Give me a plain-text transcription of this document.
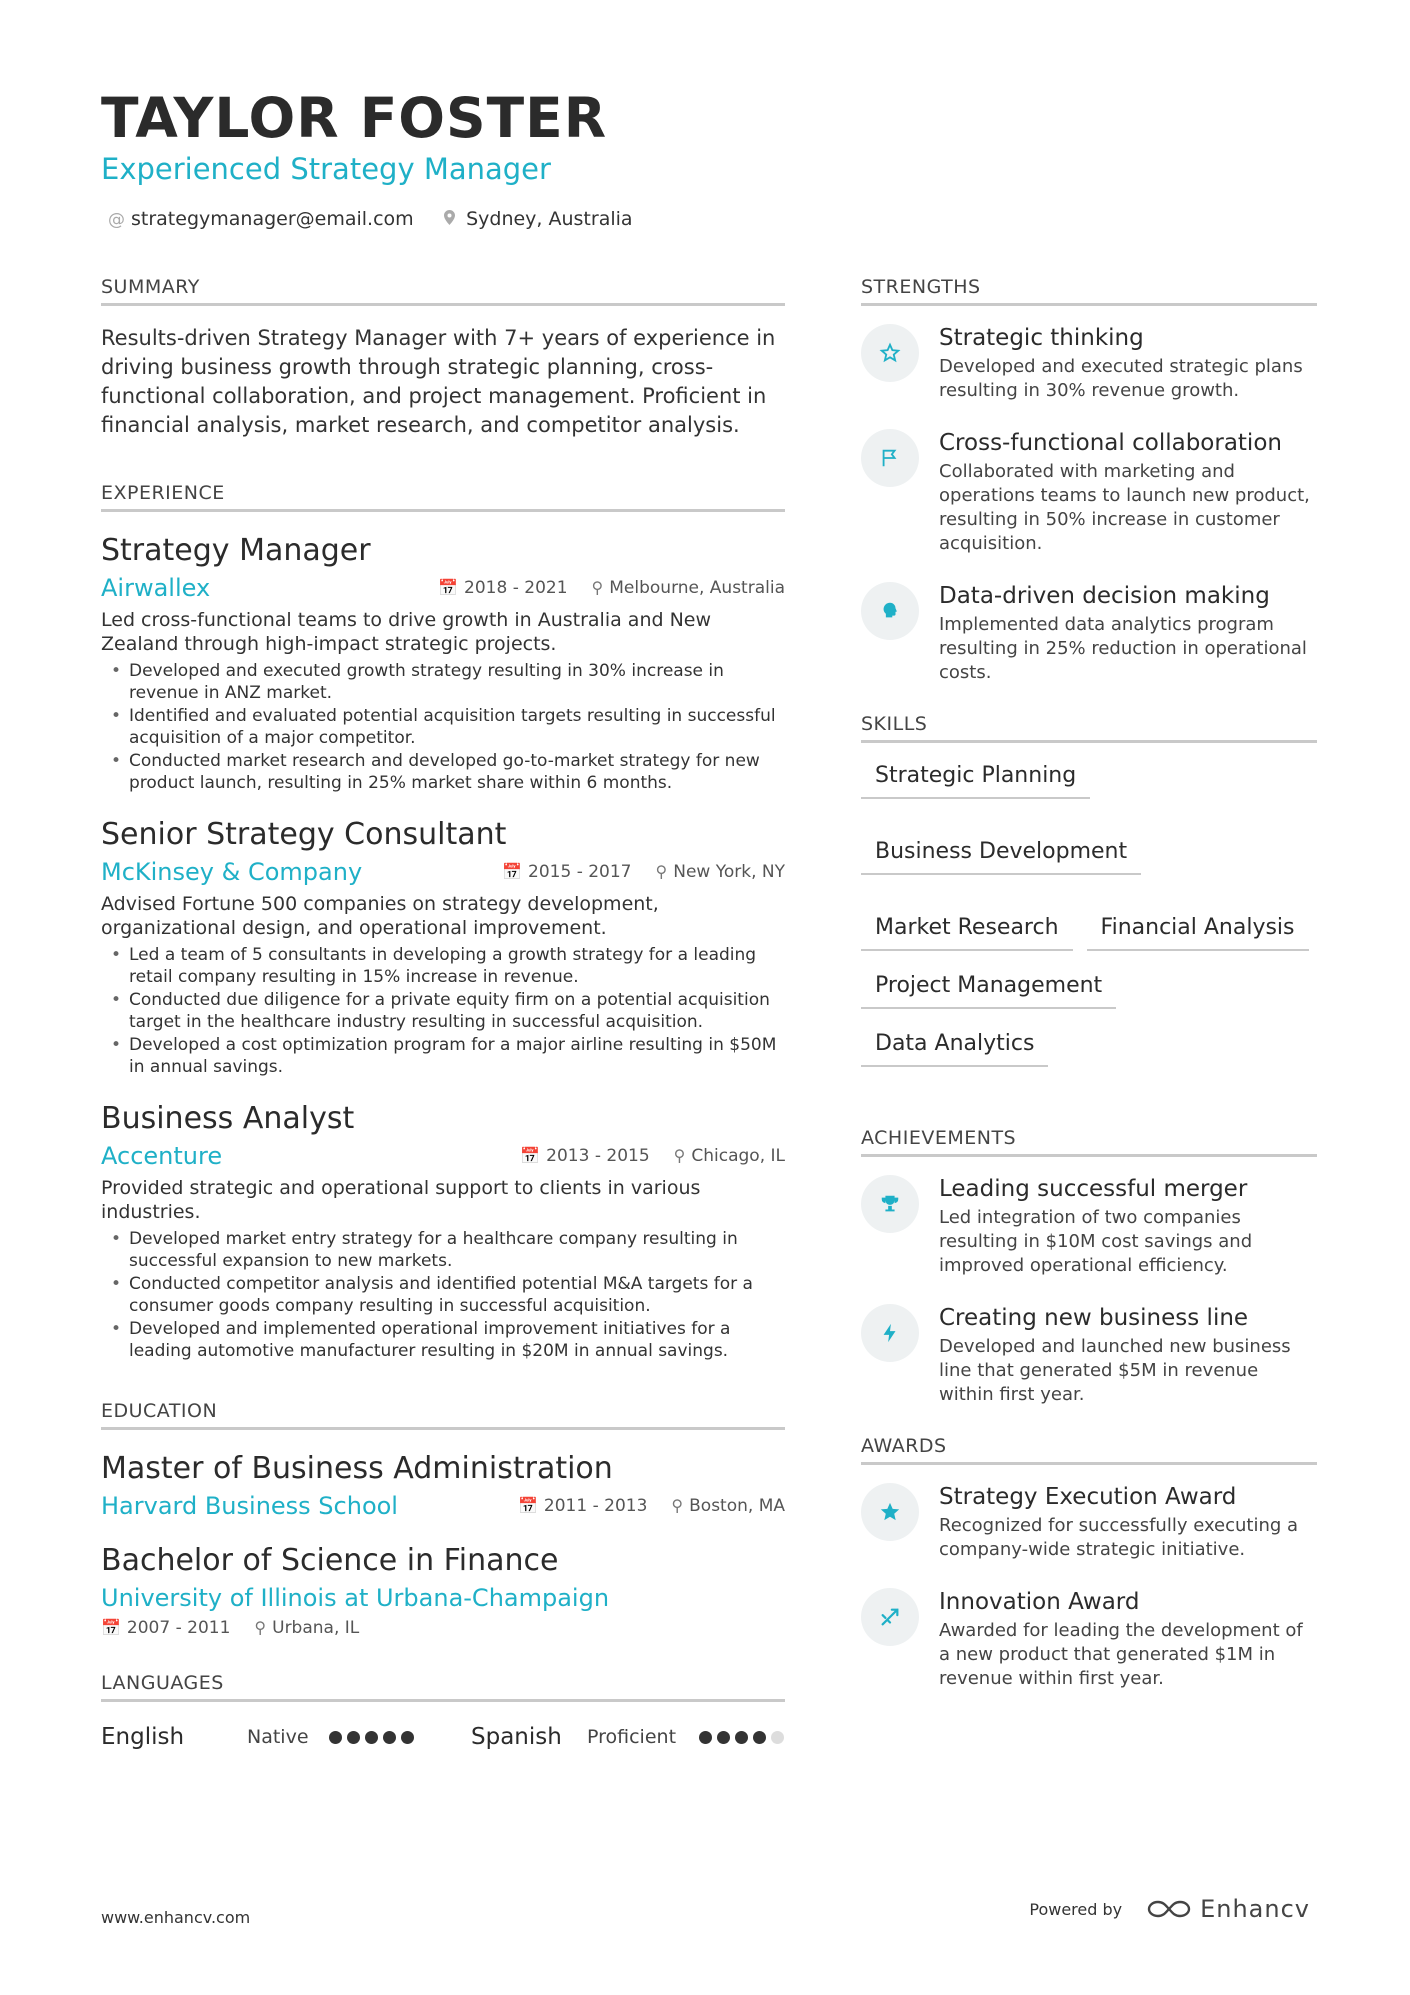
TAYLOR FOSTER
Experienced Strategy Manager
@ strategymanager@email.com	Sydney, Australia
SUMMARY
Results-driven Strategy Manager with 7+ years of experience in driving business growth through strategic planning, cross-functional collaboration, and project management. Proficient in financial analysis, market research, and competitor analysis.
EXPERIENCE
Strategy Manager
Airwallex	📅 2018 - 2021 ⚲ Melbourne, Australia
Led cross-functional teams to drive growth in Australia and New Zealand through high-impact strategic projects.
• Developed and executed growth strategy resulting in 30% increase in revenue in ANZ market.
• Identified and evaluated potential acquisition targets resulting in successful acquisition of a major competitor.
• Conducted market research and developed go-to-market strategy for new product launch, resulting in 25% market share within 6 months.
Senior Strategy Consultant
McKinsey & Company	📅 2015 - 2017 ⚲ New York, NY
Advised Fortune 500 companies on strategy development, organizational design, and operational improvement.
• Led a team of 5 consultants in developing a growth strategy for a leading retail company resulting in 15% increase in revenue.
• Conducted due diligence for a private equity firm on a potential acquisition target in the healthcare industry resulting in successful acquisition.
• Developed a cost optimization program for a major airline resulting in $50M in annual savings.
Business Analyst
Accenture	📅 2013 - 2015 ⚲ Chicago, IL
Provided strategic and operational support to clients in various industries.
• Developed market entry strategy for a healthcare company resulting in successful expansion to new markets.
• Conducted competitor analysis and identified potential M&A targets for a consumer goods company resulting in successful acquisition.
• Developed and implemented operational improvement initiatives for a leading automotive manufacturer resulting in $20M in annual savings.
EDUCATION
Master of Business Administration
Harvard Business School	📅 2011 - 2013 ⚲ Boston, MA
Bachelor of Science in Finance
University of Illinois at Urbana-Champaign
📅 2007 - 2011 ⚲ Urbana, IL
LANGUAGES
English	Native	Spanish	Proficient
STRENGTHS
Strategic thinking
Developed and executed strategic plans resulting in 30% revenue growth.
Cross-functional collaboration
Collaborated with marketing and operations teams to launch new product, resulting in 50% increase in customer acquisition.
Data-driven decision making
Implemented data analytics program resulting in 25% reduction in operational costs.
SKILLS
Strategic Planning
Business Development
Market Research	Financial Analysis
Project Management
Data Analytics
ACHIEVEMENTS
Leading successful merger
Led integration of two companies resulting in $10M cost savings and improved operational efficiency.
Creating new business line
Developed and launched new business line that generated $5M in revenue within first year.
AWARDS
Strategy Execution Award
Recognized for successfully executing a company-wide strategic initiative.
Innovation Award
Awarded for leading the development of a new product that generated $1M in revenue within first year.
www.enhancv.com	Powered by	Enhancv
